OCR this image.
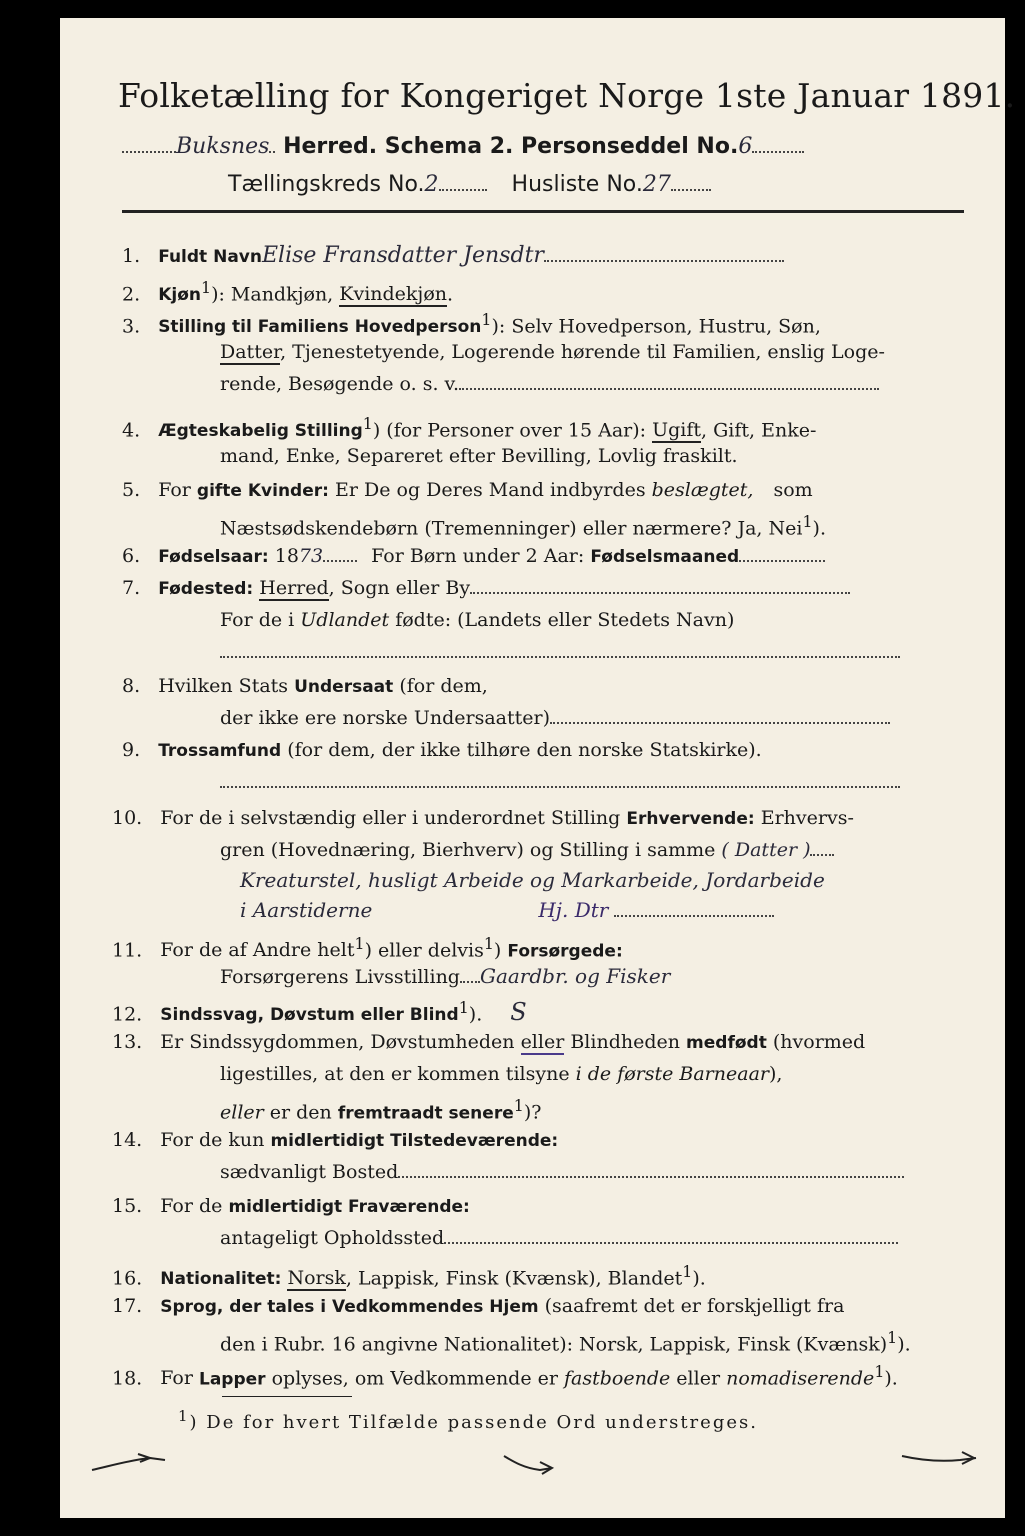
Folketælling for Kongeriget Norge 1ste Januar 1891.
Buksnes Herred. Schema 2. Personseddel No.6
Tællingskreds No.2	Husliste No.27
1. Fuldt NavnElise Fransdatter Jensdtr
2. Kjøn$^1$): Mandkjøn, Kvindekjøn.
3. Stilling til Familiens Hovedperson$^1$): Selv Hovedperson, Hustru, Søn,
Datter, Tjenestetyende, Logerende hørende til Familien, enslig Loge-
rende, Besøgende o. s. v.
4. Ægteskabelig Stilling$^1$) (for Personer over 15 Aar): Ugift, Gift, Enke-
mand, Enke, Separeret efter Bevilling, Lovlig fraskilt.
5. For gifte Kvinder: Er De og Deres Mand indbyrdes beslægtet, som
Næstsødskendebørn (Tremenninger) eller nærmere? Ja, Nei$^1$).
6. Fødselsaar: 1873	For Børn under 2 Aar: Fødselsmaaned
7. Fødested: Herred, Sogn eller By
For de i Udlandet fødte: (Landets eller Stedets Navn)
8. Hvilken Stats Undersaat (for dem,
der ikke ere norske Undersaatter)
9. Trossamfund (for dem, der ikke tilhøre den norske Statskirke).
10. For de i selvstændig eller i underordnet Stilling Erhvervende: Erhvervs-
gren (Hovednæring, Bierhverv) og Stilling i samme ( Datter )
Kreaturstel, husligt Arbeide og Markarbeide, Jordarbeide
i Aarstiderne	Hj. Dtr
11. For de af Andre helt$^1$) eller delvis$^1$) Forsørgede:
Forsørgerens Livsstilling Gaardbr. og Fisker
12. Sindssvag, Døvstum eller Blind$^1$). S
13. Er Sindssygdommen, Døvstumheden eller Blindheden medfødt (hvormed
ligestilles, at den er kommen tilsyne i de første Barneaar),
eller er den fremtraadt senere$^1$)?
14. For de kun midlertidigt Tilstedeværende:
sædvanligt Bosted
15. For de midlertidigt Fraværende:
antageligt Opholdssted
16. Nationalitet: Norsk, Lappisk, Finsk (Kvænsk), Blandet$^1$).
17. Sprog, der tales i Vedkommendes Hjem (saafremt det er forskjelligt fra
den i Rubr. 16 angivne Nationalitet): Norsk, Lappisk, Finsk (Kvænsk)$^1$).
18. For Lapper oplyses, om Vedkommende er fastboende eller nomadiserende$^1$).
$^1$) De for hvert Tilfælde passende Ord understreges.
